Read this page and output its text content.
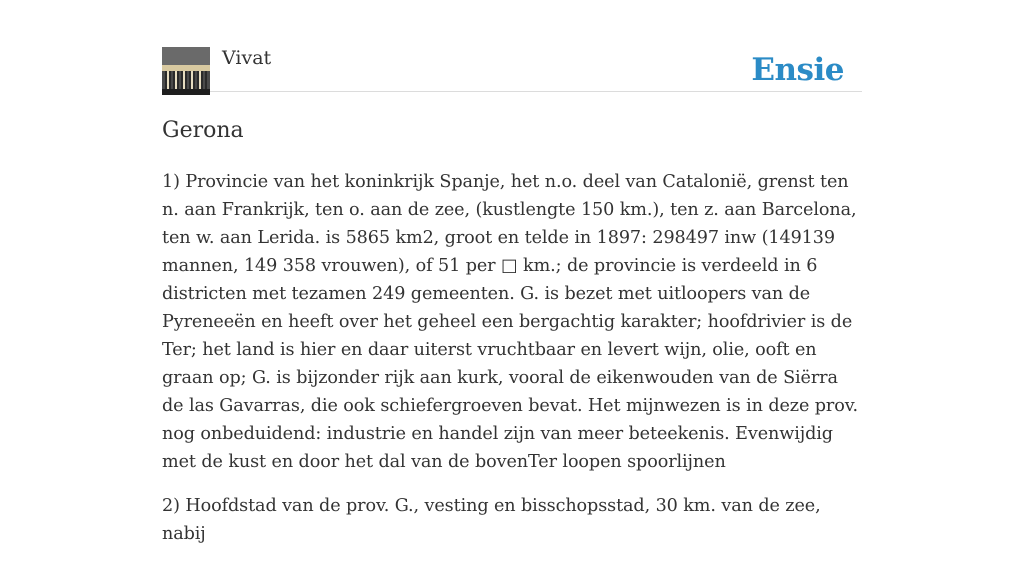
Vivat	Ensie
Gerona

1) Provincie van het koninkrijk Spanje, het n.o. deel van Catalonië, grenst ten n. aan Frankrijk, ten o. aan de zee, (kustlengte 150 km.), ten z. aan Barcelona, ten w. aan Lerida. is 5865 km2, groot en telde in 1897: 298497 inw (149139 mannen, 149 358 vrouwen), of 51 per □ km.; de provincie is verdeeld in 6 districten met tezamen 249 gemeenten. G. is bezet met uitloopers van de Pyreneeën en heeft over het geheel een bergachtig karakter; hoofdrivier is de Ter; het land is hier en daar uiterst vruchtbaar en levert wijn, olie, ooft en graan op; G. is bijzonder rijk aan kurk, vooral de eikenwouden van de Siërra de las Gavarras, die ook schiefergroeven bevat. Het mijnwezen is in deze prov. nog onbeduidend: industrie en handel zijn van meer beteekenis. Evenwijdig met de kust en door het dal van de bovenTer loopen spoorlijnen

2) Hoofdstad van de prov. G., vesting en bisschopsstad, 30 km. van de zee, nabij
